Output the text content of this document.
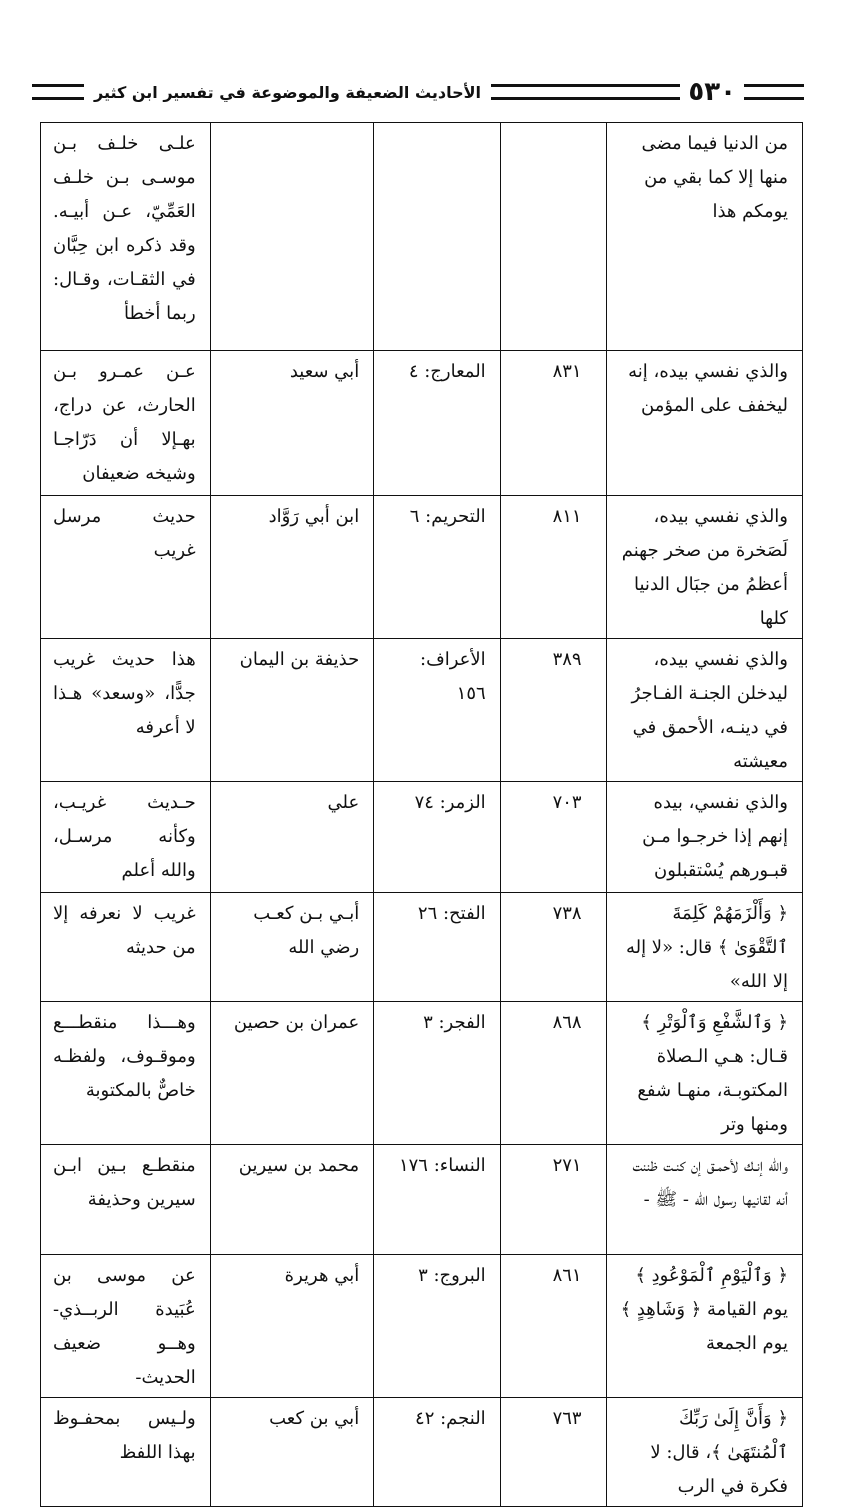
٥٣٠
الأحاديث الضعيفة والموضوعة في تفسير ابن كثير
من الدنيا فيما مضى منها إلا كما بقي من يومكم هذا				علـى خلـف بـن موسـى بـن خلـف العَمِّيّ، عـن أبيـه. وقد ذكره ابن حِبَّان في الثقـات، وقـال: ربما أخطأ
والذي نفسي بيده، إنه ليخفف على المؤمن	٨٣١	المعارج: ٤	أبي سعيد	عـن عمـرو بـن الحارث، عن دراج، بهـإلا أن دَرّاجـا وشيخه ضعيفان
والذي نفسي بيده، لَصَخرة من صخر جهنم أعظمُ من جبَال الدنيا كلها	٨١١	التحريم: ٦	ابن أبي رَوَّاد	حديث مرسل غريب
والذي نفسي بيده، ليدخلن الجنـة الفـاجرُ في دينـه، الأحمق في معيشته	٣٨٩	الأعراف: ١٥٦	حذيفة بن اليمان	هذا حديث غريب جدًّا، «وسعد» هـذا لا أعرفه
والذي نفسي، بيده إنهم إذا خرجـوا مـن قبـورهم يُسْتقبلون	٧٠٣	الزمر: ٧٤	علي	حـديث غريـب، وكأنه مرسـل، والله أعلم
﴿ وَأَلْزَمَهُمْ كَلِمَةَ ٱلتَّقْوَىٰ ﴾ قال: «لا إله إلا الله»	٧٣٨	الفتح: ٢٦	أبـي بـن كعـب رضي الله	غريب لا نعرفه إلا من حديثه
﴿ وَٱلشَّفْعِ وَٱلْوَتْرِ ﴾ قـال: هـي الـصلاة المكتوبـة، منهـا شفع ومنها وتر	٨٦٨	الفجر: ٣	عمران بن حصين	وهـــذا منقطـــع وموقـوف، ولفظـه خاصٌّ بالمكتوبة
والله إنـك لأحمـق إن كنـت ظننت أنه لقانيها رسول الله - ﷺ -	٢٧١	النساء: ١٧٦	محمد بن سيرين	منقطـع بـين ابـن سيرين وحذيفة
﴿ وَٱلْيَوْمِ ٱلْمَوْعُودِ ﴾ يوم القيامة ﴿ وَشَاهِدٍ ﴾ يوم الجمعة	٨٦١	البروج: ٣	أبي هريرة	عن موسى بن عُبَيدة الربــذي-وهــو ضعيف الحديث-
﴿ وَأَنَّ إِلَىٰ رَبِّكَ ٱلْمُنتَهَىٰ ﴾، قال: لا فكرة في الرب	٧٦٣	النجم: ٤٢	أبي بن كعب	ولـيس بمحفـوظ بهذا اللفظ
